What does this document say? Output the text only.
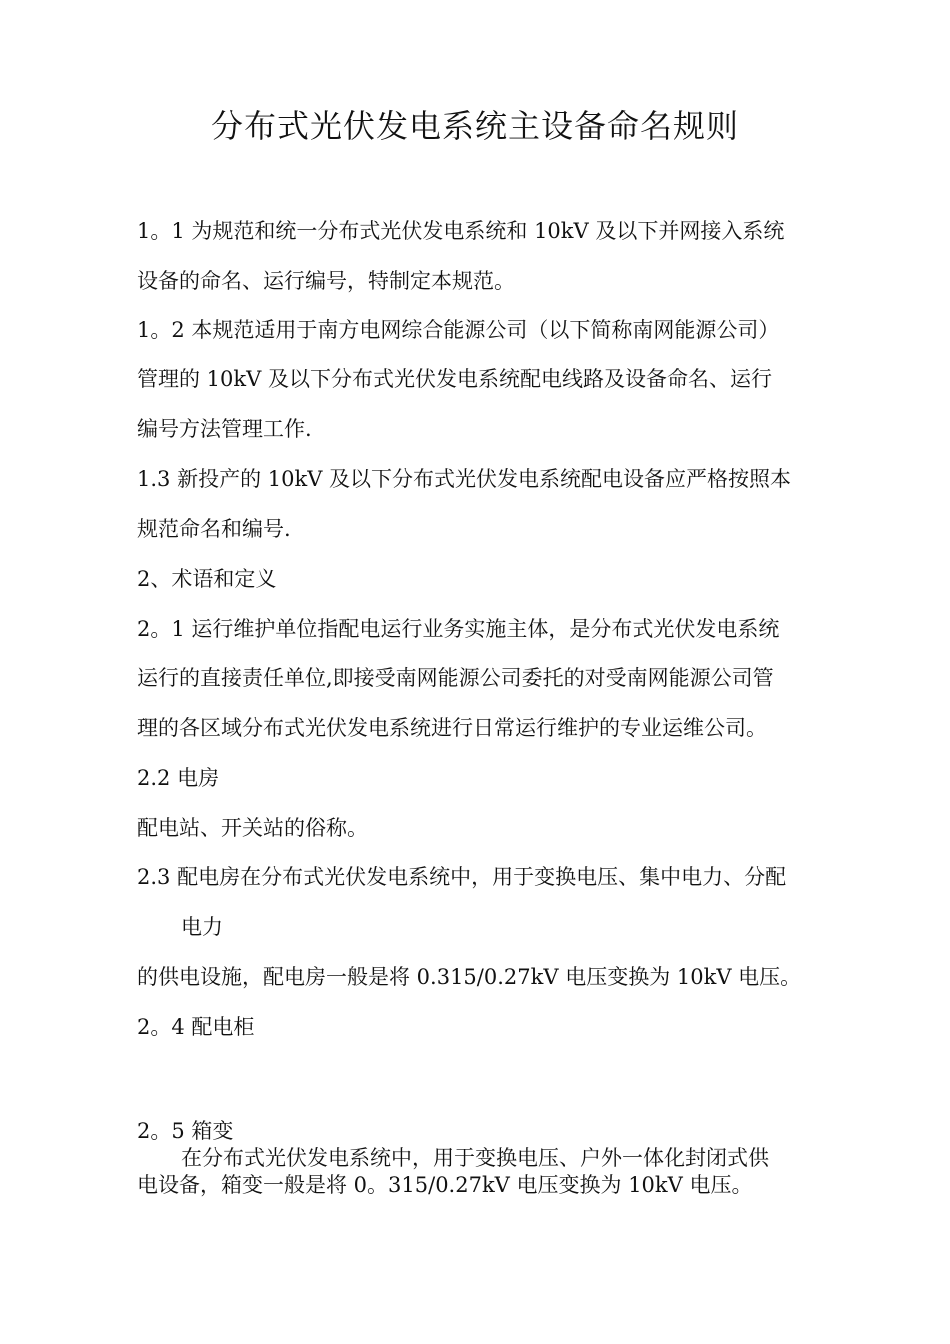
分布式光伏发电系统主设备命名规则

1。1 为规范和统一分布式光伏发电系统和 10kV 及以下并网接入系统

设备的命名、运行编号，特制定本规范。

1。2 本规范适用于南方电网综合能源公司（以下简称南网能源公司）

管理的 10kV 及以下分布式光伏发电系统配电线路及设备命名、运行

编号方法管理工作.

1.3 新投产的 10kV 及以下分布式光伏发电系统配电设备应严格按照本

规范命名和编号.

2、术语和定义

2。1 运行维护单位指配电运行业务实施主体，是分布式光伏发电系统

运行的直接责任单位,即接受南网能源公司委托的对受南网能源公司管

理的各区域分布式光伏发电系统进行日常运行维护的专业运维公司。

2.2 电房

配电站、开关站的俗称。

2.3 配电房在分布式光伏发电系统中，用于变换电压、集中电力、分配

电力

的供电设施，配电房一般是将 0.315/0.27kV 电压变换为 10kV 电压。

2。4 配电柜

2。5 箱变

在分布式光伏发电系统中，用于变换电压、户外一体化封闭式供

电设备，箱变一般是将 0。315/0.27kV 电压变换为 10kV 电压。
